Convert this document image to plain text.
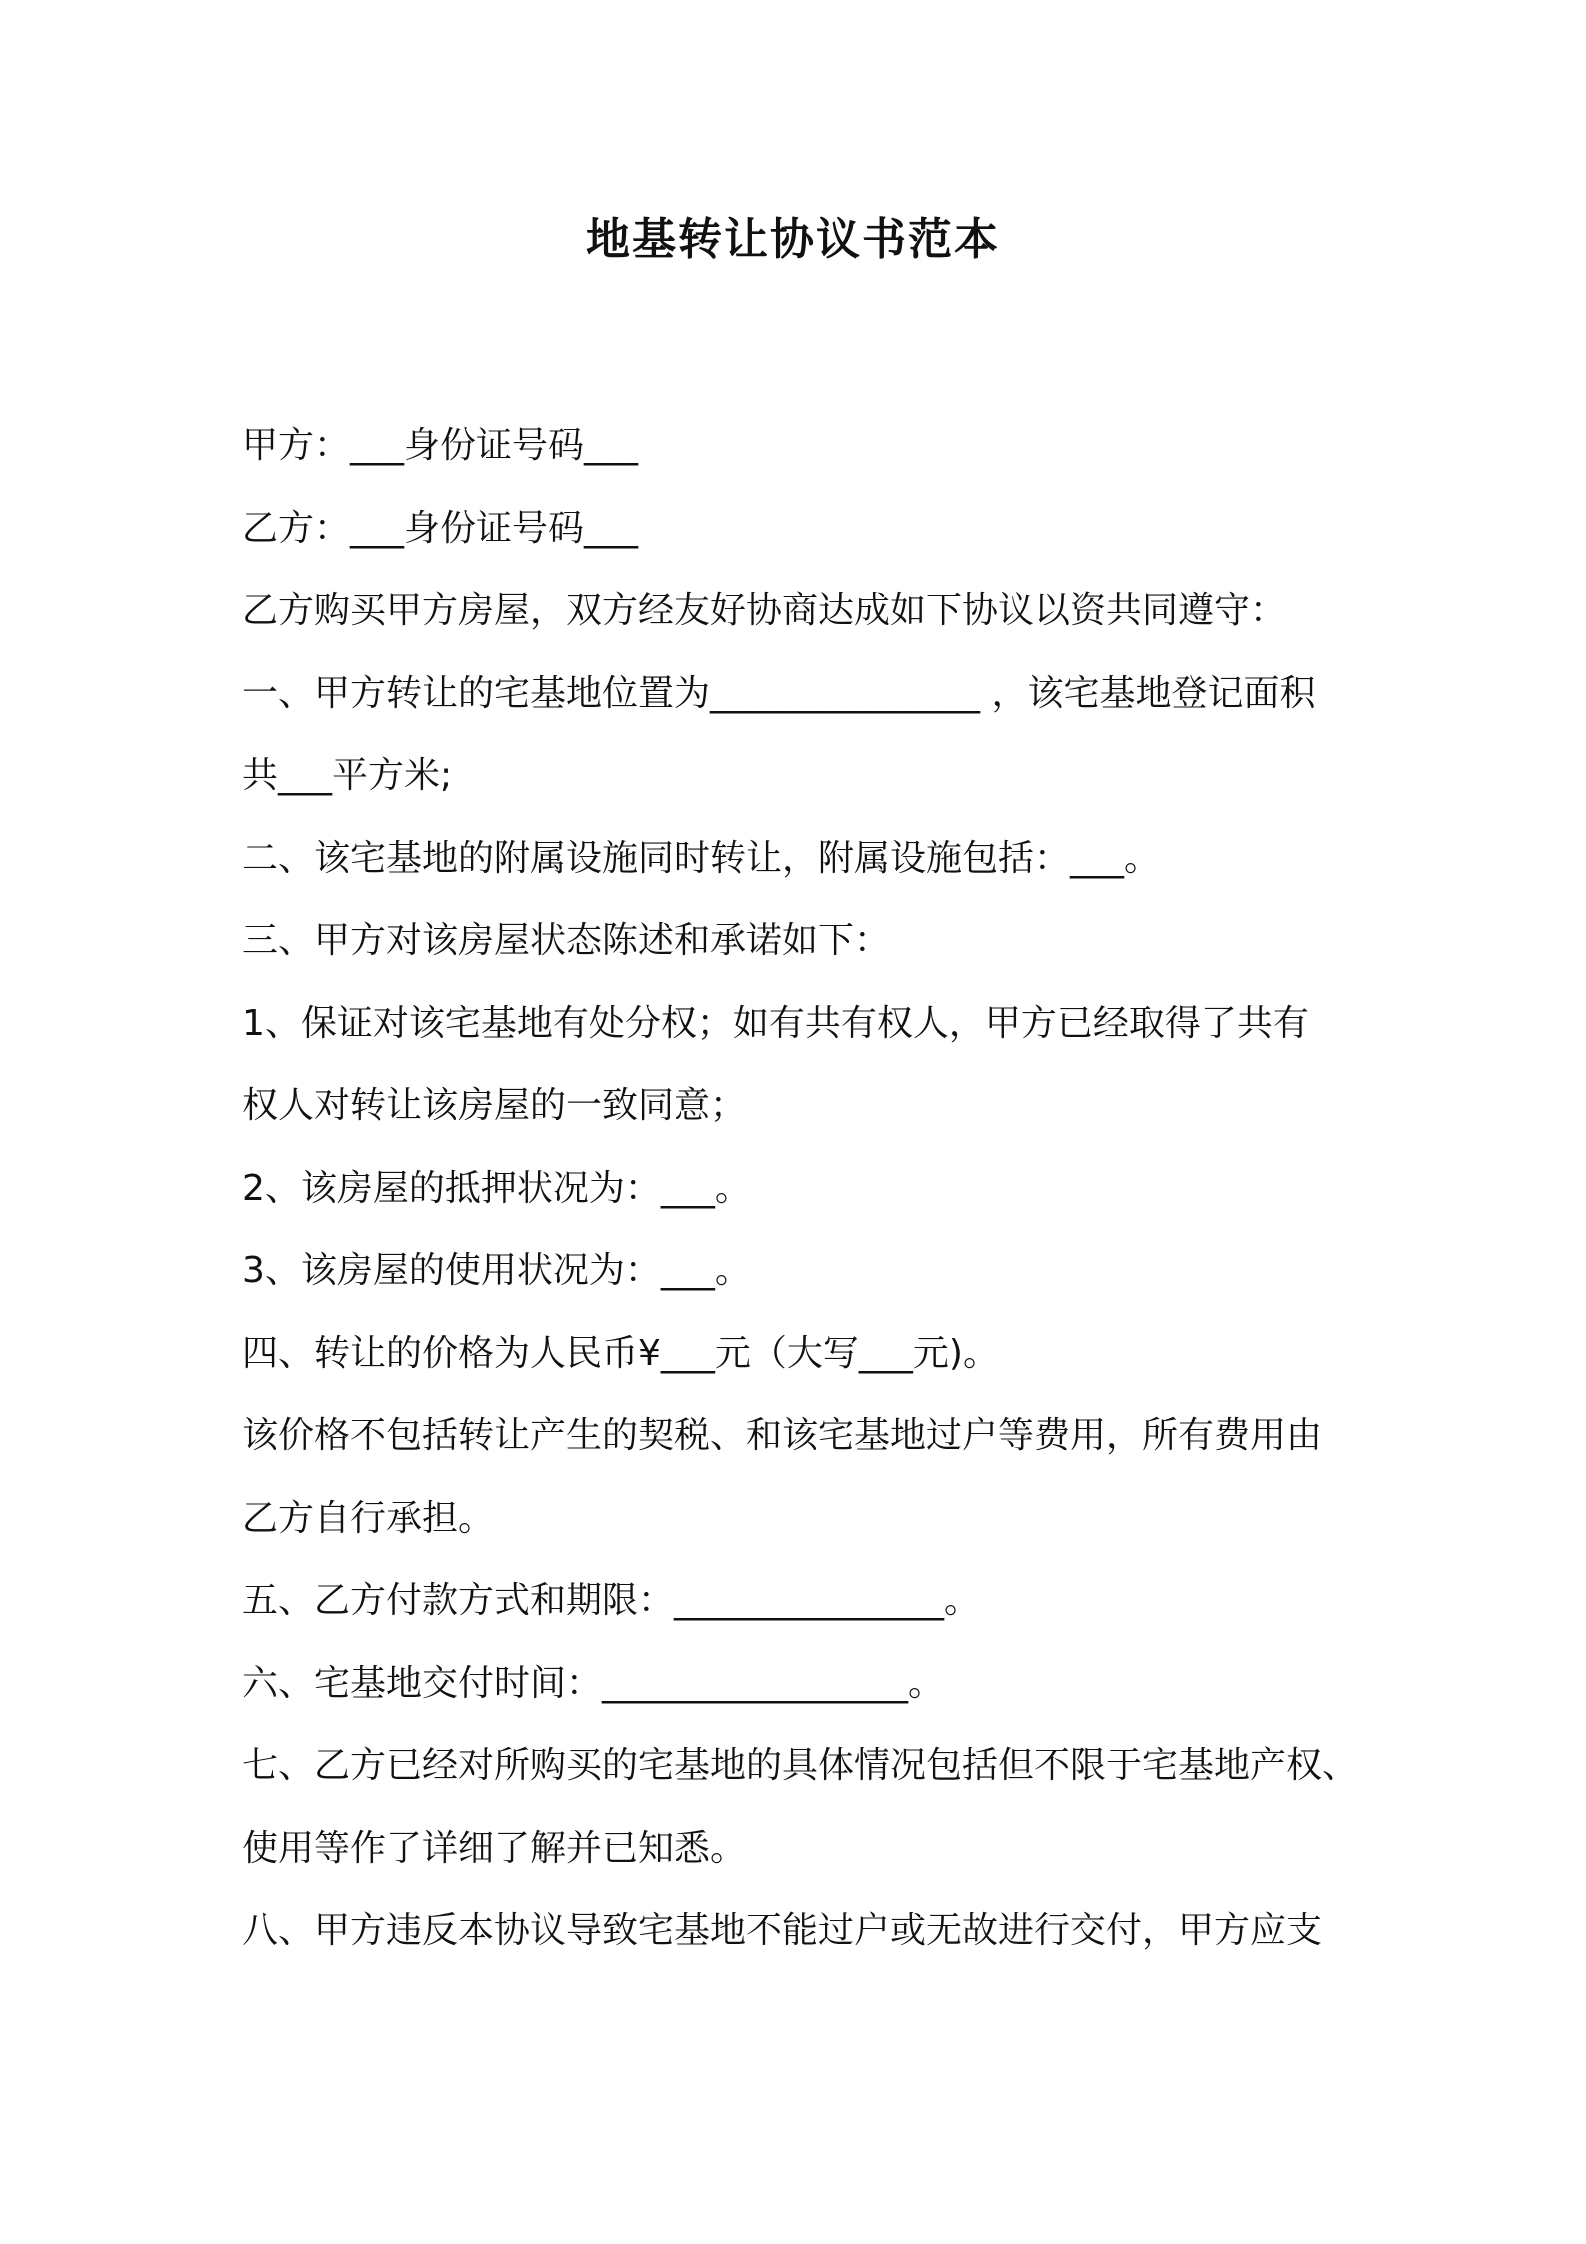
地基转让协议书范本

甲方：___身份证号码___

乙方：___身份证号码___

乙方购买甲方房屋，双方经友好协商达成如下协议以资共同遵守：

一、甲方转让的宅基地位置为_______________ ，该宅基地登记面积

共___平方米;

二、该宅基地的附属设施同时转让，附属设施包括：___。

三、甲方对该房屋状态陈述和承诺如下：

1、保证对该宅基地有处分权；如有共有权人，甲方已经取得了共有

权人对转让该房屋的一致同意；

2、该房屋的抵押状况为：___。

3、该房屋的使用状况为：___。

四、转让的价格为人民币¥___元（大写___元)。

该价格不包括转让产生的契税、和该宅基地过户等费用，所有费用由

乙方自行承担。

五、乙方付款方式和期限：_______________。

六、宅基地交付时间：_________________。

七、乙方已经对所购买的宅基地的具体情况包括但不限于宅基地产权、

使用等作了详细了解并已知悉。

八、甲方违反本协议导致宅基地不能过户或无故进行交付，甲方应支
